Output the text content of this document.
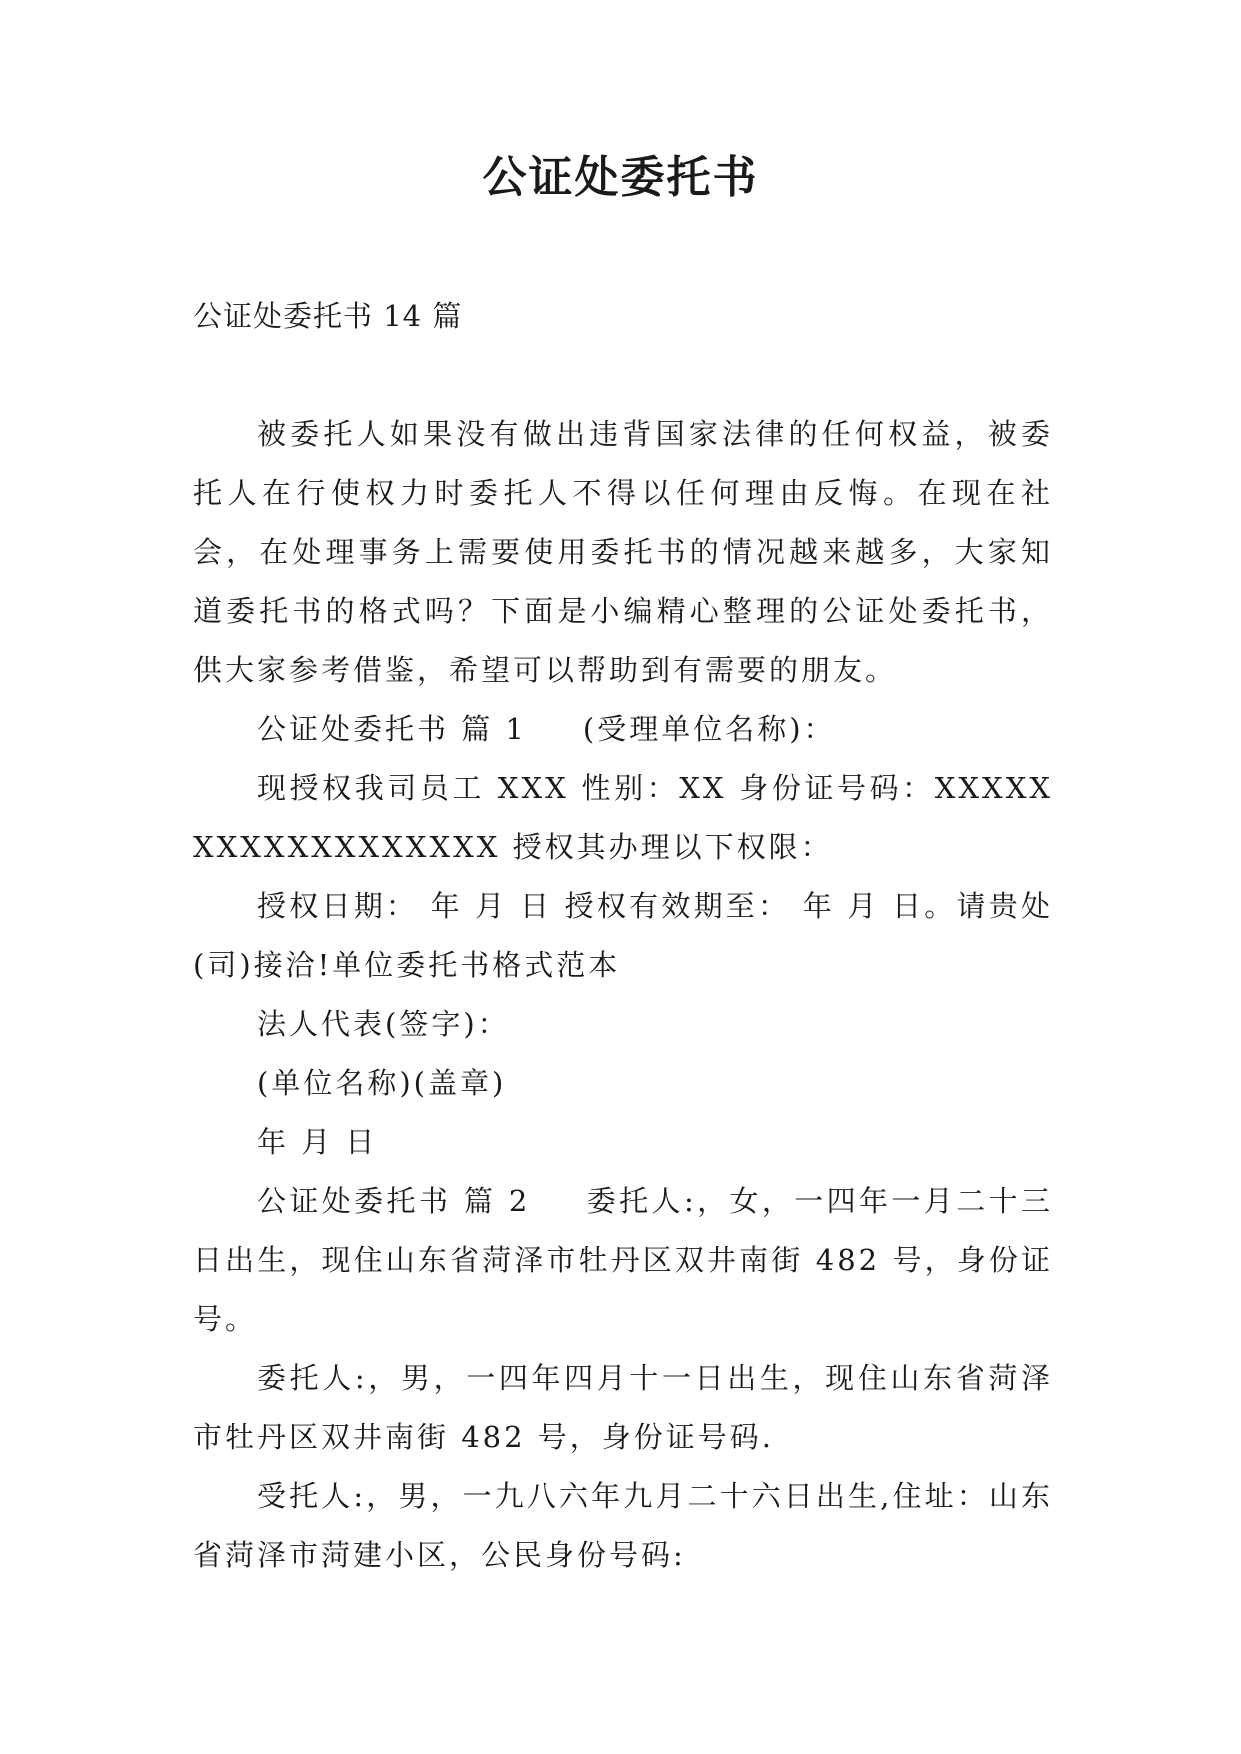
公证处委托书
公证处委托书 14 篇

被委托人如果没有做出违背国家法律的任何权益，被委托人在行使权力时委托人不得以任何理由反悔。在现在社会，在处理事务上需要使用委托书的情况越来越多，大家知道委托书的格式吗？下面是小编精心整理的公证处委托书，供大家参考借鉴，希望可以帮助到有需要的朋友。

公证处委托书 篇 1 (受理单位名称)：

现授权我司员工 XXX 性别：XX 身份证号码：XXXXXXXXXXXXXXXXXX 授权其办理以下权限：

授权日期： 年 月 日 授权有效期至： 年 月 日。请贵处(司)接洽!单位委托书格式范本

法人代表(签字)：

(单位名称)(盖章)

年 月 日

公证处委托书 篇 2 委托人:，女，一四年一月二十三日出生，现住山东省菏泽市牡丹区双井南街 482 号，身份证号。

委托人:，男，一四年四月十一日出生，现住山东省菏泽市牡丹区双井南街 482 号，身份证号码.

受托人:，男，一九八六年九月二十六日出生,住址：山东省菏泽市菏建小区，公民身份号码:
